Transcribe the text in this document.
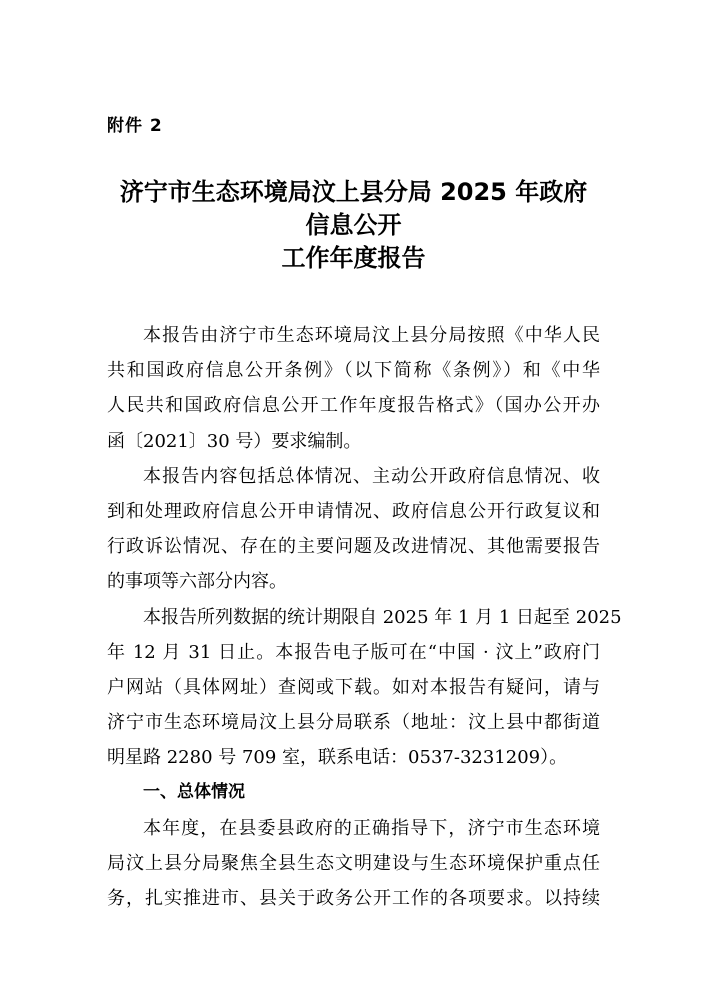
附件 2
济宁市生态环境局汶上县分局 2025 年政府
信息公开
工作年度报告
本报告由济宁市生态环境局汶上县分局按照《中华人民
共和国政府信息公开条例》（以下简称《条例》）和《中华
人民共和国政府信息公开工作年度报告格式》（国办公开办
函〔2021〕30 号）要求编制。
本报告内容包括总体情况、主动公开政府信息情况、收
到和处理政府信息公开申请情况、政府信息公开行政复议和
行政诉讼情况、存在的主要问题及改进情况、其他需要报告
的事项等六部分内容。
本报告所列数据的统计期限自 2025 年 1 月 1 日起至 2025
年 12 月 31 日止。本报告电子版可在“中国 · 汶上”政府门
户网站（具体网址）查阅或下载。如对本报告有疑问，请与
济宁市生态环境局汶上县分局联系（地址：汶上县中都街道
明星路 2280 号 709 室，联系电话：0537-3231209）。
一、总体情况
本年度，在县委县政府的正确指导下，济宁市生态环境
局汶上县分局聚焦全县生态文明建设与生态环境保护重点任
务，扎实推进市、县关于政务公开工作的各项要求。以持续
